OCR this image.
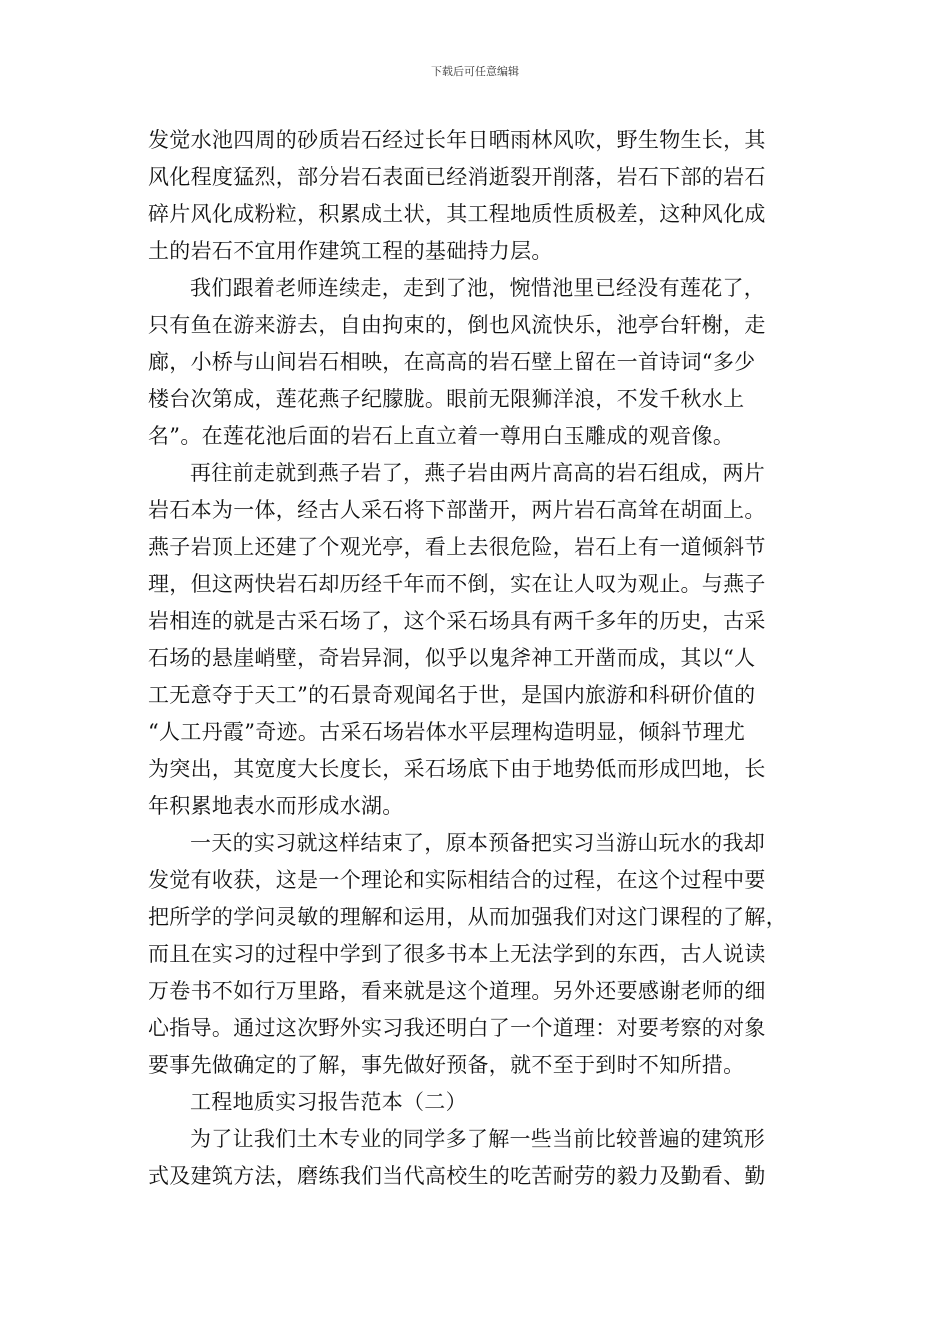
下载后可任意编辑
发觉水池四周的砂质岩石经过长年日晒雨林风吹，野生物生长，其
风化程度猛烈，部分岩石表面已经消逝裂开削落，岩石下部的岩石
碎片风化成粉粒，积累成土状，其工程地质性质极差，这种风化成
土的岩石不宜用作建筑工程的基础持力层。
我们跟着老师连续走，走到了池，惋惜池里已经没有莲花了，
只有鱼在游来游去，自由拘束的，倒也风流快乐，池亭台轩榭，走
廊，小桥与山间岩石相映，在高高的岩石壁上留在一首诗词“多少
楼台次第成，莲花燕子纪朦胧。眼前无限狮洋浪，不发千秋水上
名”。在莲花池后面的岩石上直立着一尊用白玉雕成的观音像。
再往前走就到燕子岩了，燕子岩由两片高高的岩石组成，两片
岩石本为一体，经古人采石将下部凿开，两片岩石高耸在胡面上。
燕子岩顶上还建了个观光亭，看上去很危险，岩石上有一道倾斜节
理，但这两快岩石却历经千年而不倒，实在让人叹为观止。与燕子
岩相连的就是古采石场了，这个采石场具有两千多年的历史，古采
石场的悬崖峭壁，奇岩异洞，似乎以鬼斧神工开凿而成，其以“人
工无意夺于天工”的石景奇观闻名于世，是国内旅游和科研价值的
“人工丹霞”奇迹。古采石场岩体水平层理构造明显，倾斜节理尤
为突出，其宽度大长度长，采石场底下由于地势低而形成凹地，长
年积累地表水而形成水湖。
一天的实习就这样结束了，原本预备把实习当游山玩水的我却
发觉有收获，这是一个理论和实际相结合的过程，在这个过程中要
把所学的学问灵敏的理解和运用，从而加强我们对这门课程的了解，
而且在实习的过程中学到了很多书本上无法学到的东西，古人说读
万卷书不如行万里路，看来就是这个道理。另外还要感谢老师的细
心指导。通过这次野外实习我还明白了一个道理：对要考察的对象
要事先做确定的了解，事先做好预备，就不至于到时不知所措。
工程地质实习报告范本（二）
为了让我们土木专业的同学多了解一些当前比较普遍的建筑形
式及建筑方法，磨练我们当代高校生的吃苦耐劳的毅力及勤看、勤
